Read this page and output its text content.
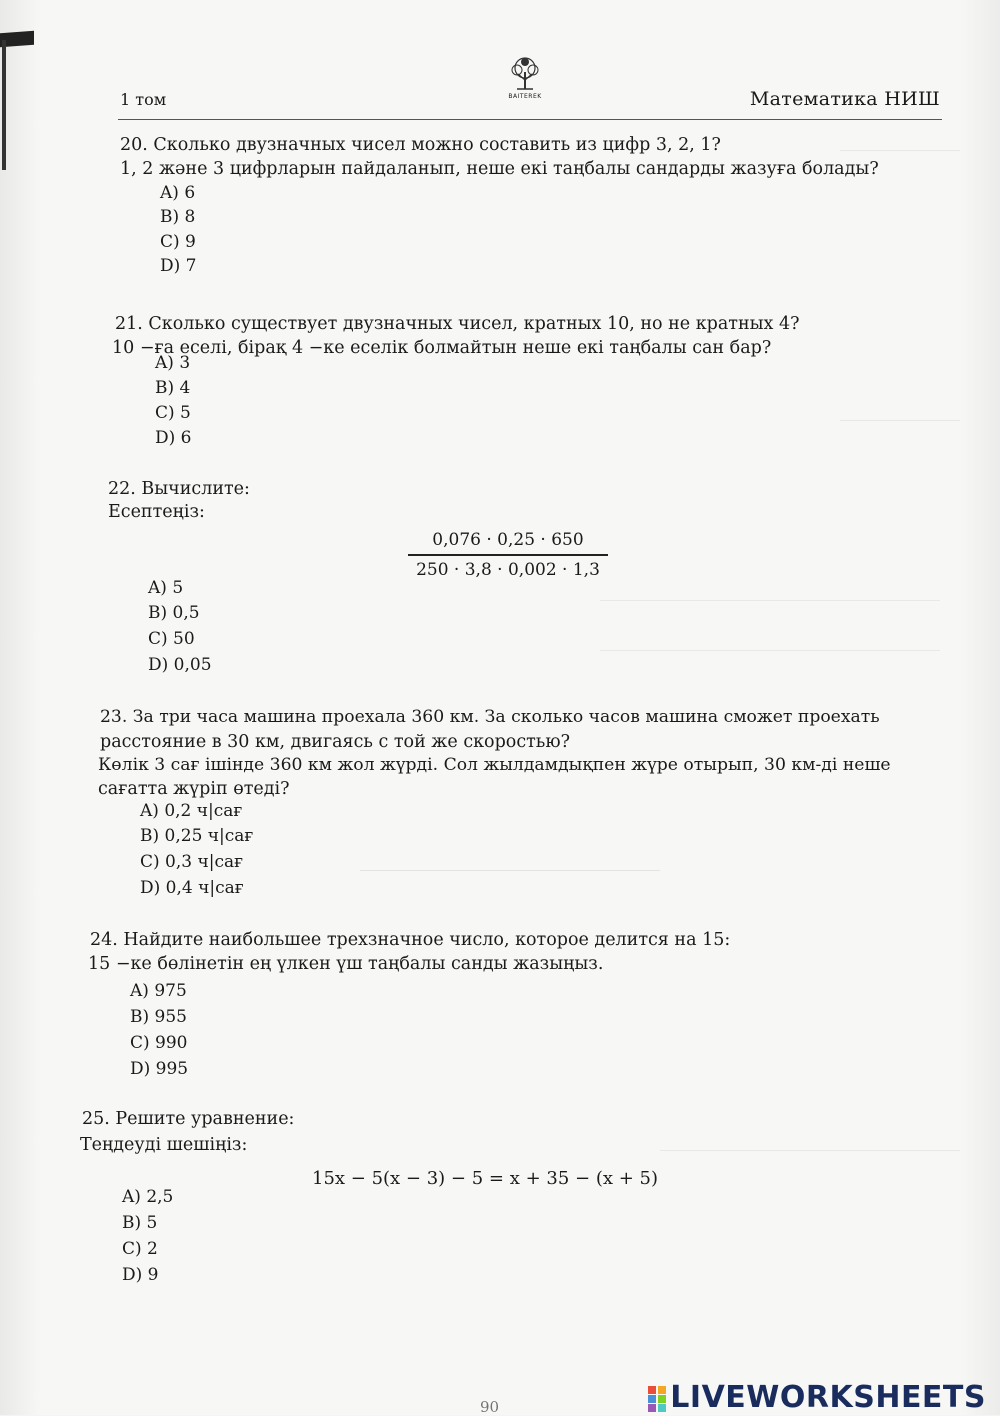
1 том	BAITEREK	Математика НИШ
20. Сколько двузначных чисел можно составить из цифр 3, 2, 1?
1, 2 және 3 цифрларын пайдаланып, неше екі таңбалы сандарды жазуға болады?
A) 6
B) 8
C) 9
D) 7
21. Сколько существует двузначных чисел, кратных 10, но не кратных 4?
10 −ға еселі, бірақ 4 −ке еселік болмайтын неше екі таңбалы сан бар?
A) 3
B) 4
C) 5
D) 6
22. Вычислите:
Есептеңіз:
0,076 · 0,25 · 650
250 · 3,8 · 0,002 · 1,3
A) 5
B) 0,5
C) 50
D) 0,05
23. За три часа машина проехала 360 км. За сколько часов машина сможет проехать
расстояние в 30 км, двигаясь с той же скоростью?
Көлік 3 сағ ішінде 360 км жол жүрді. Сол жылдамдықпен жүре отырып, 30 км-ді неше
сағатта жүріп өтеді?
A) 0,2 ч|сағ
B) 0,25 ч|сағ
C) 0,3 ч|сағ
D) 0,4 ч|сағ
24. Найдите наибольшее трехзначное число, которое делится на 15:
15 −ке бөлінетін ең үлкен үш таңбалы санды жазыңыз.
A) 975
B) 955
C) 990
D) 995
25. Решите уравнение:
Теңдеуді шешіңіз:
15x − 5(x − 3) − 5 = x + 35 − (x + 5)
A) 2,5
B) 5
C) 2
D) 9
90	LIVEWORKSHEETS
